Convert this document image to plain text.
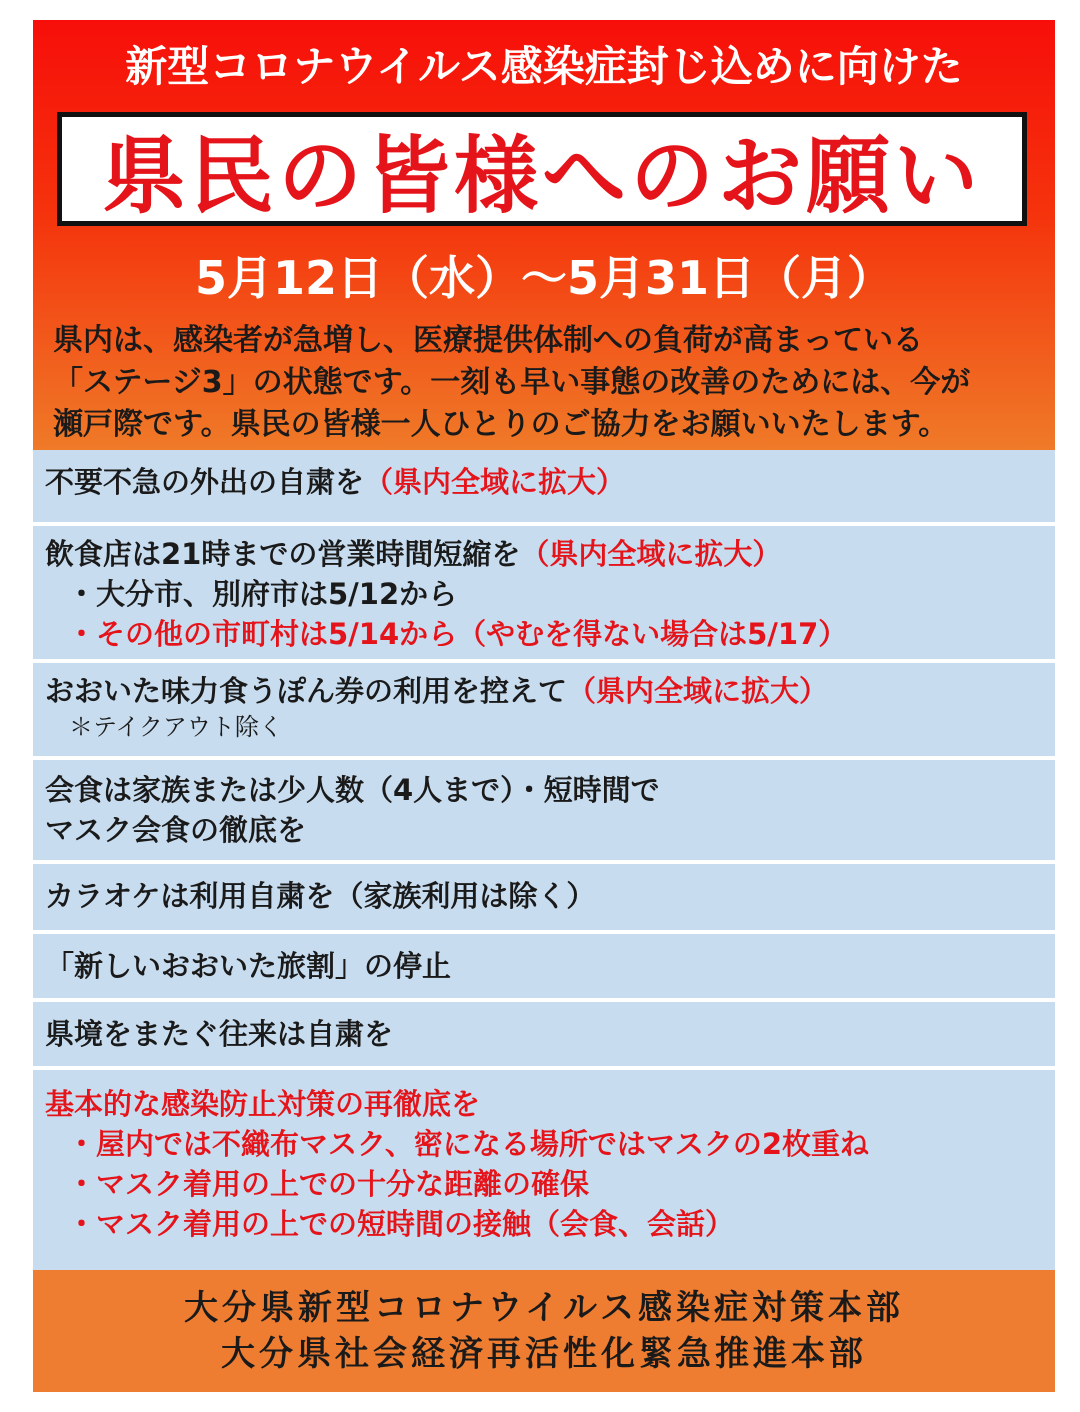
新型コロナウイルス感染症封じ込めに向けた
県民の皆様へのお願い
5月12日（水）～5月31日（月）
県内は、感染者が急増し、医療提供体制への負荷が高まっている
「ステージ3」の状態です。一刻も早い事態の改善のためには、今が
瀬戸際です。県民の皆様一人ひとりのご協力をお願いいたします。
不要不急の外出の自粛を（県内全域に拡大）
飲食店は21時までの営業時間短縮を（県内全域に拡大）
・大分市、別府市は5/12から
・その他の市町村は5/14から（やむを得ない場合は5/17）
おおいた味力食うぽん券の利用を控えて（県内全域に拡大）
＊テイクアウト除く
会食は家族または少人数（4人まで）・短時間で
マスク会食の徹底を
カラオケは利用自粛を（家族利用は除く）
「新しいおおいた旅割」の停止
県境をまたぐ往来は自粛を
基本的な感染防止対策の再徹底を
・屋内では不織布マスク、密になる場所ではマスクの2枚重ね
・マスク着用の上での十分な距離の確保
・マスク着用の上での短時間の接触（会食、会話）
大分県新型コロナウイルス感染症対策本部
大分県社会経済再活性化緊急推進本部
